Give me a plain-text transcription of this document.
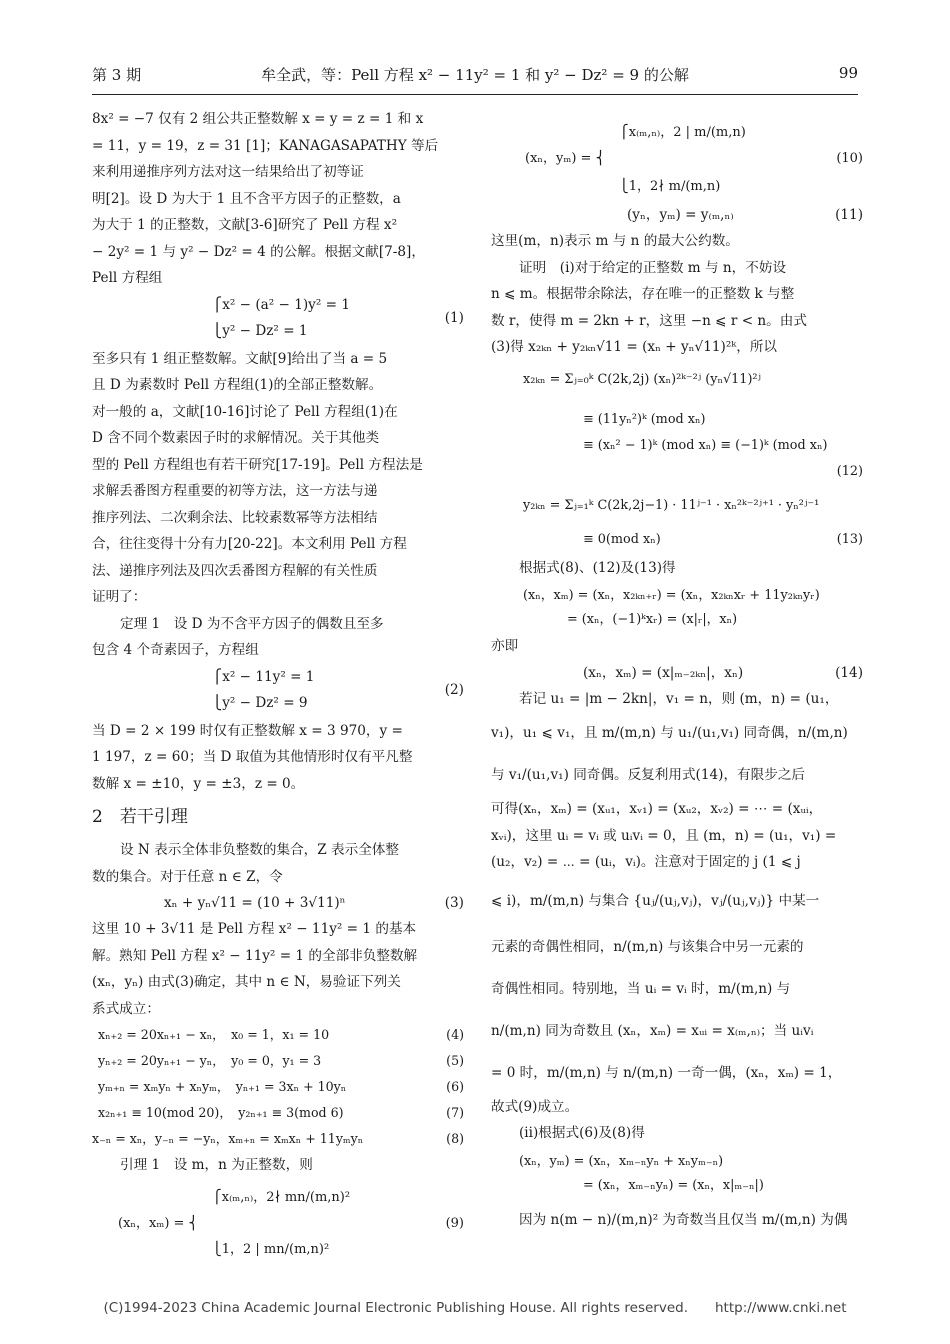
第 3 期	牟全武，等：Pell 方程 x² − 11y² = 1 和 y² − Dz² = 9 的公解	99
8x² = −7 仅有 2 组公共正整数解 x = y = z = 1 和 x
= 11，y = 19，z = 31 [1]；KANAGASAPATHY 等后
来利用递推序列方法对这一结果给出了初等证
明[2]。设 D 为大于 1 且不含平方因子的正整数，a
为大于 1 的正整数，文献[3-6]研究了 Pell 方程 x²
− 2y² = 1 与 y² − Dz² = 4 的公解。根据文献[7-8]，
Pell 方程组
⎧x² − (a² − 1)y² = 1
(1)
⎩y² − Dz² = 1
至多只有 1 组正整数解。文献[9]给出了当 a = 5
且 D 为素数时 Pell 方程组(1)的全部正整数解。
对一般的 a，文献[10-16]讨论了 Pell 方程组(1)在
D 含不同个数素因子时的求解情况。关于其他类
型的 Pell 方程组也有若干研究[17-19]。Pell 方程法是
求解丢番图方程重要的初等方法，这一方法与递
推序列法、二次剩余法、比较素数幂等方法相结
合，往往变得十分有力[20-22]。本文利用 Pell 方程
法、递推序列法及四次丢番图方程解的有关性质
证明了：
定理 1　设 D 为不含平方因子的偶数且至多
包含 4 个奇素因子，方程组
⎧x² − 11y² = 1
(2)
⎩y² − Dz² = 9
当 D = 2 × 199 时仅有正整数解 x = 3 970，y =
1 197，z = 60；当 D 取值为其他情形时仅有平凡整
数解 x = ±10，y = ±3，z = 0。
2　若干引理
设 N 表示全体非负整数的集合，Z 表示全体整
数的集合。对于任意 n ∈ Z，令
xₙ + yₙ√11 = (10 + 3√11)ⁿ	(3)
这里 10 + 3√11 是 Pell 方程 x² − 11y² = 1 的基本
解。熟知 Pell 方程 x² − 11y² = 1 的全部非负整数解
(xₙ，yₙ) 由式(3)确定，其中 n ∈ N，易验证下列关
系式成立：
xₙ₊₂ = 20xₙ₊₁ − xₙ，　x₀ = 1，x₁ = 10	(4)
yₙ₊₂ = 20yₙ₊₁ − yₙ，　y₀ = 0，y₁ = 3	(5)
yₘ₊ₙ = xₘyₙ + xₙyₘ，　yₙ₊₁ = 3xₙ + 10yₙ	(6)
x₂ₙ₊₁ ≡ 10(mod 20)，　y₂ₙ₊₁ ≡ 3(mod 6)	(7)
x₋ₙ = xₙ，y₋ₙ = −yₙ，xₘ₊ₙ = xₘxₙ + 11yₘyₙ	(8)
引理 1　设 m，n 为正整数，则
⎧x₍ₘ,ₙ₎，2∤ mn/(m,n)²
(xₙ，xₘ) = ⎨
⎩1，2 | mn/(m,n)²
(9)
⎧x₍ₘ,ₙ₎，2 | m/(m,n)
(xₙ，yₘ) = ⎨
⎩1，2∤ m/(m,n)
(10)
(yₙ，yₘ) = y₍ₘ,ₙ₎	(11)
这里(m，n)表示 m 与 n 的最大公约数。
证明　(i)对于给定的正整数 m 与 n，不妨设
n ⩽ m。根据带余除法，存在唯一的正整数 k 与整
数 r，使得 m = 2kn + r，这里 −n ⩽ r < n。由式
(3)得 x₂ₖₙ + y₂ₖₙ√11 = (xₙ + yₙ√11)²ᵏ，所以
x₂ₖₙ = Σⱼ₌₀ᵏ C(2k,2j) (xₙ)²ᵏ⁻²ʲ (yₙ√11)²ʲ
≡ (11yₙ²)ᵏ (mod xₙ)
≡ (xₙ² − 1)ᵏ (mod xₙ) ≡ (−1)ᵏ (mod xₙ)
(12)
y₂ₖₙ = Σⱼ₌₁ᵏ C(2k,2j−1) · 11ʲ⁻¹ · xₙ²ᵏ⁻²ʲ⁺¹ · yₙ²ʲ⁻¹
≡ 0(mod xₙ)	(13)
根据式(8)、(12)及(13)得
(xₙ，xₘ) = (xₙ，x₂ₖₙ₊ᵣ) = (xₙ，x₂ₖₙxᵣ + 11y₂ₖₙyᵣ)
= (xₙ，(−1)ᵏxᵣ) = (x|ᵣ|，xₙ)
亦即
(xₙ，xₘ) = (x|ₘ₋₂ₖₙ|，xₙ)	(14)
若记 u₁ = |m − 2kn|，v₁ = n，则 (m，n) = (u₁，
v₁)，u₁ ⩽ v₁，且 m/(m,n) 与 u₁/(u₁,v₁) 同奇偶，n/(m,n)
与 v₁/(u₁,v₁) 同奇偶。反复利用式(14)，有限步之后
可得(xₙ，xₘ) = (xᵤ₁，xᵥ₁) = (xᵤ₂，xᵥ₂) = ⋯ = (xᵤᵢ，
xᵥᵢ)，这里 uᵢ = vᵢ 或 uᵢvᵢ = 0，且 (m，n) = (u₁，v₁) =
(u₂，v₂) = ⋯ = (uᵢ，vᵢ)。注意对于固定的 j (1 ⩽ j
⩽ i)，m/(m,n) 与集合 {uⱼ/(uⱼ,vⱼ)，vⱼ/(uⱼ,vⱼ)} 中某一
元素的奇偶性相同，n/(m,n) 与该集合中另一元素的
奇偶性相同。特别地，当 uᵢ = vᵢ 时，m/(m,n) 与
n/(m,n) 同为奇数且 (xₙ，xₘ) = xᵤᵢ = x₍ₘ,ₙ₎；当 uᵢvᵢ
= 0 时，m/(m,n) 与 n/(m,n) 一奇一偶，(xₙ，xₘ) = 1，
故式(9)成立。
(ii)根据式(6)及(8)得
(xₙ，yₘ) = (xₙ，xₘ₋ₙyₙ + xₙyₘ₋ₙ)
= (xₙ，xₘ₋ₙyₙ) = (xₙ，x|ₘ₋ₙ|)
因为 n(m − n)/(m,n)² 为奇数当且仅当 m/(m,n) 为偶
(C)1994-2023 China Academic Journal Electronic Publishing House. All rights reserved.　　http://www.cnki.net
